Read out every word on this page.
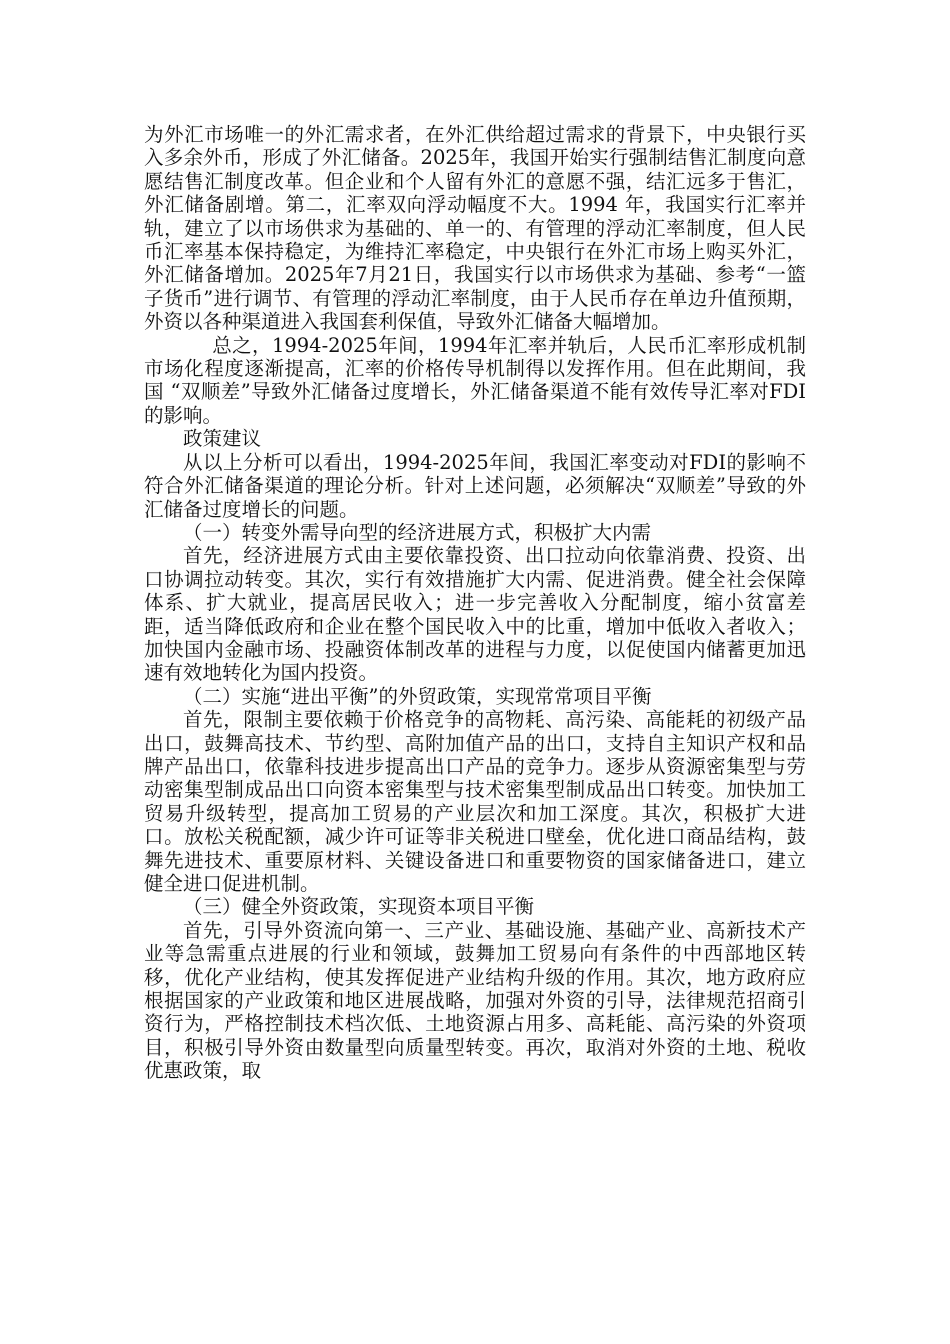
为外汇市场唯一的外汇需求者，在外汇供给超过需求的背景下，中央银行买入多余外币，形成了外汇储备。2025年，我国开始实行强制结售汇制度向意愿结售汇制度改革。但企业和个人留有外汇的意愿不强，结汇远多于售汇，外汇储备剧增。第二，汇率双向浮动幅度不大。1994 年，我国实行汇率并轨，建立了以市场供求为基础的、单一的、有管理的浮动汇率制度，但人民币汇率基本保持稳定，为维持汇率稳定，中央银行在外汇市场上购买外汇，外汇储备增加。2025年7月21日，我国实行以市场供求为基础、参考“一篮子货币”进行调节、有管理的浮动汇率制度，由于人民币存在单边升值预期，外资以各种渠道进入我国套利保值，导致外汇储备大幅增加。

总之，1994-2025年间，1994年汇率并轨后，人民币汇率形成机制市场化程度逐渐提高，汇率的价格传导机制得以发挥作用。但在此期间，我国 “双顺差”导致外汇储备过度增长，外汇储备渠道不能有效传导汇率对FDI的影响。

政策建议

从以上分析可以看出，1994-2025年间，我国汇率变动对FDI的影响不符合外汇储备渠道的理论分析。针对上述问题，必须解决“双顺差”导致的外汇储备过度增长的问题。

（一）转变外需导向型的经济进展方式，积极扩大内需

首先，经济进展方式由主要依靠投资、出口拉动向依靠消费、投资、出口协调拉动转变。其次，实行有效措施扩大内需、促进消费。健全社会保障体系、扩大就业，提高居民收入；进一步完善收入分配制度，缩小贫富差距，适当降低政府和企业在整个国民收入中的比重，增加中低收入者收入；加快国内金融市场、投融资体制改革的进程与力度，以促使国内储蓄更加迅速有效地转化为国内投资。

（二）实施“进出平衡”的外贸政策，实现常常项目平衡

首先，限制主要依赖于价格竞争的高物耗、高污染、高能耗的初级产品出口，鼓舞高技术、节约型、高附加值产品的出口，支持自主知识产权和品牌产品出口，依靠科技进步提高出口产品的竞争力。逐步从资源密集型与劳动密集型制成品出口向资本密集型与技术密集型制成品出口转变。加快加工贸易升级转型，提高加工贸易的产业层次和加工深度。其次，积极扩大进口。放松关税配额，减少许可证等非关税进口壁垒，优化进口商品结构，鼓舞先进技术、重要原材料、关键设备进口和重要物资的国家储备进口，建立健全进口促进机制。

（三）健全外资政策，实现资本项目平衡

首先，引导外资流向第一、三产业、基础设施、基础产业、高新技术产业等急需重点进展的行业和领域，鼓舞加工贸易向有条件的中西部地区转移，优化产业结构，使其发挥促进产业结构升级的作用。其次，地方政府应根据国家的产业政策和地区进展战略，加强对外资的引导，法律规范招商引资行为，严格控制技术档次低、土地资源占用多、高耗能、高污染的外资项目，积极引导外资由数量型向质量型转变。再次，取消对外资的土地、税收优惠政策，取
